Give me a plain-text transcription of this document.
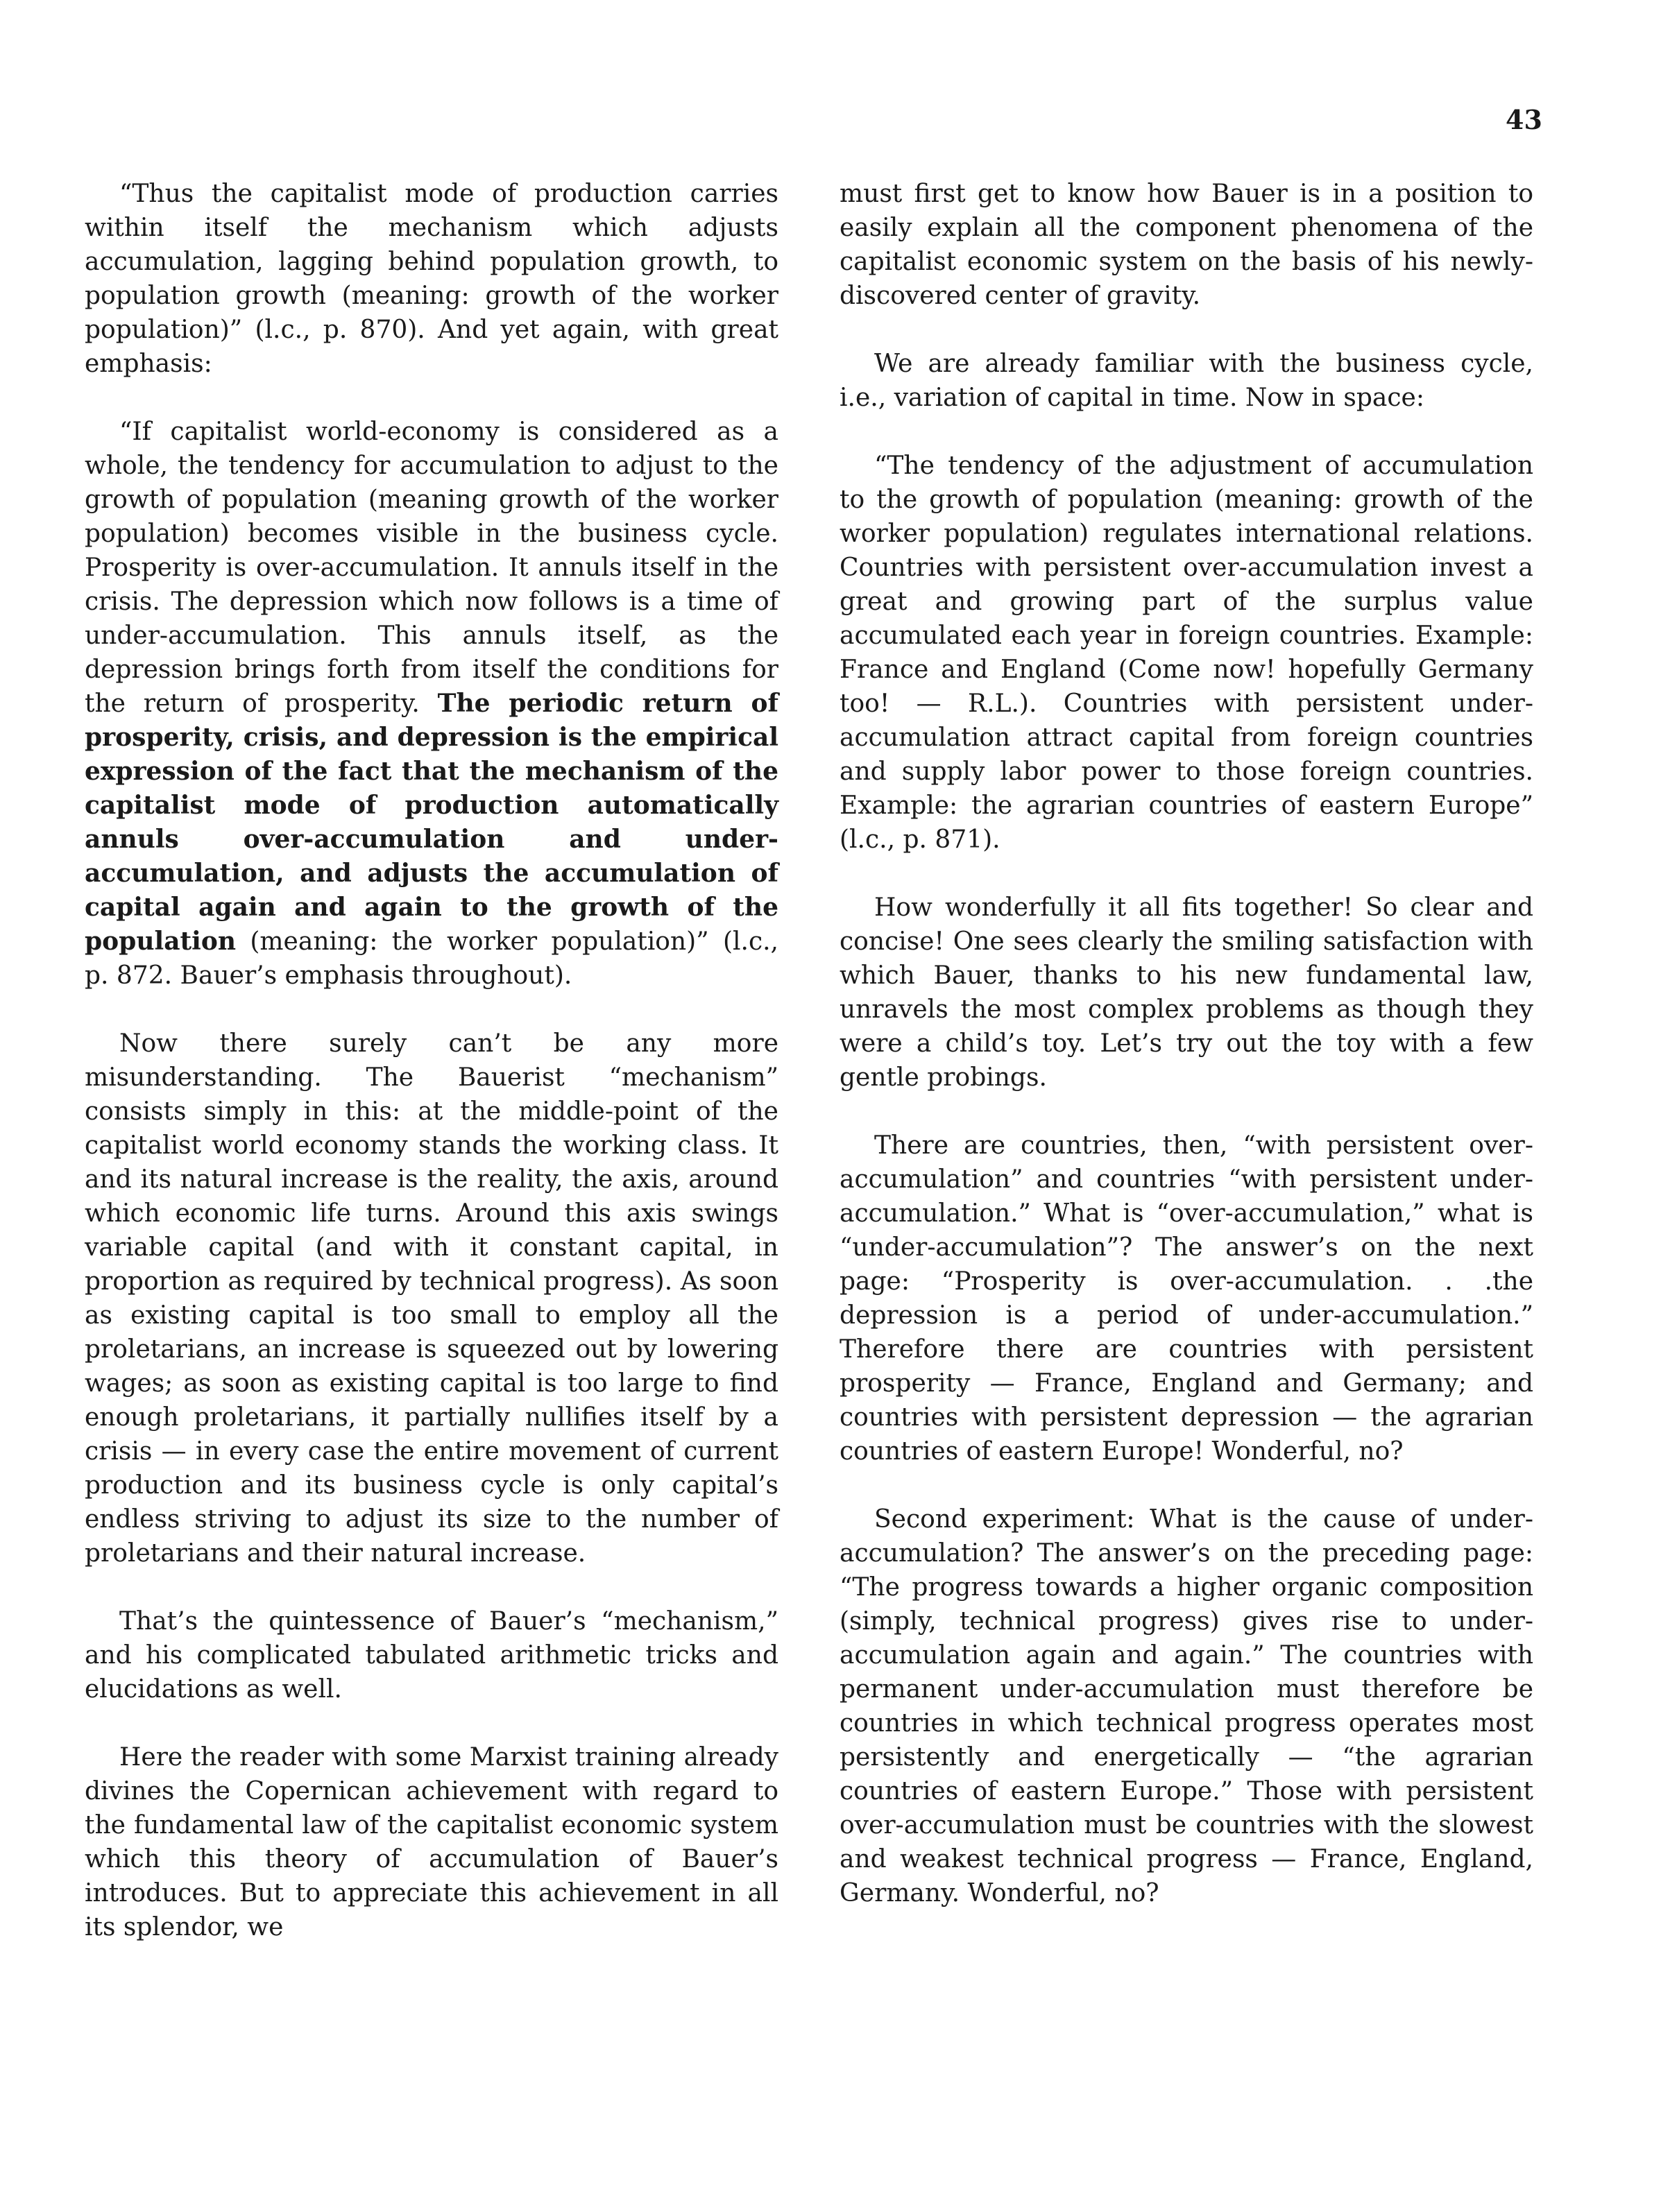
43

“Thus the capitalist mode of production carries within itself the mechanism which adjusts accumulation, lagging behind population growth, to population growth (meaning: growth of the worker population)” (l.c., p. 870). And yet again, with great emphasis:

“If capitalist world-economy is considered as a whole, the tendency for accumulation to adjust to the growth of population (meaning growth of the worker population) becomes visible in the business cycle. Prosperity is over-accumulation. It annuls itself in the crisis. The depression which now follows is a time of under-accumulation. This annuls itself, as the depression brings forth from itself the conditions for the return of prosperity. The periodic return of prosperity, crisis, and depression is the empirical expression of the fact that the mechanism of the capitalist mode of production automatically annuls over-accumulation and under-accumulation, and adjusts the accumulation of capital again and again to the growth of the population (meaning: the worker population)” (l.c., p. 872. Bauer’s emphasis throughout).

Now there surely can’t be any more misunderstanding. The Bauerist “mechanism” consists simply in this: at the middle-point of the capitalist world economy stands the working class. It and its natural increase is the reality, the axis, around which economic life turns. Around this axis swings variable capital (and with it constant capital, in proportion as required by technical progress). As soon as existing capital is too small to employ all the proletarians, an increase is squeezed out by lowering wages; as soon as existing capital is too large to find enough proletarians, it partially nullifies itself by a crisis — in every case the entire movement of current production and its business cycle is only capital’s endless striving to adjust its size to the number of proletarians and their natural increase.

That’s the quintessence of Bauer’s “mechanism,” and his complicated tabulated arithmetic tricks and elucidations as well.

Here the reader with some Marxist training already divines the Copernican achievement with regard to the fundamental law of the capitalist economic system which this theory of accumulation of Bauer’s introduces. But to appreciate this achievement in all its splendor, we

must first get to know how Bauer is in a position to easily explain all the component phenomena of the capitalist economic system on the basis of his newly-discovered center of gravity.

We are already familiar with the business cycle, i.e., variation of capital in time. Now in space:

“The tendency of the adjustment of accumulation to the growth of population (meaning: growth of the worker population) regulates international relations. Countries with persistent over-accumulation invest a great and growing part of the surplus value accumulated each year in foreign countries. Example: France and England (Come now! hopefully Germany too! — R.L.). Countries with persistent under-accumulation attract capital from foreign countries and supply labor power to those foreign countries. Example: the agrarian countries of eastern Europe” (l.c., p. 871).

How wonderfully it all fits together! So clear and concise! One sees clearly the smiling satisfaction with which Bauer, thanks to his new fundamental law, unravels the most complex problems as though they were a child’s toy. Let’s try out the toy with a few gentle probings.

There are countries, then, “with persistent over-accumulation” and countries “with persistent under-accumulation.” What is “over-accumulation,” what is “under-accumulation”? The answer’s on the next page: “Prosperity is over-accumulation. . .the depression is a period of under-accumulation.” Therefore there are countries with persistent prosperity — France, England and Germany; and countries with persistent depression — the agrarian countries of eastern Europe! Wonderful, no?

Second experiment: What is the cause of under-accumulation? The answer’s on the preceding page: “The progress towards a higher organic composition (simply, technical progress) gives rise to under-accumulation again and again.” The countries with permanent under-accumulation must therefore be countries in which technical progress operates most persistently and energetically — “the agrarian countries of eastern Europe.” Those with persistent over-accumulation must be countries with the slowest and weakest technical progress — France, England, Germany. Wonderful, no?
